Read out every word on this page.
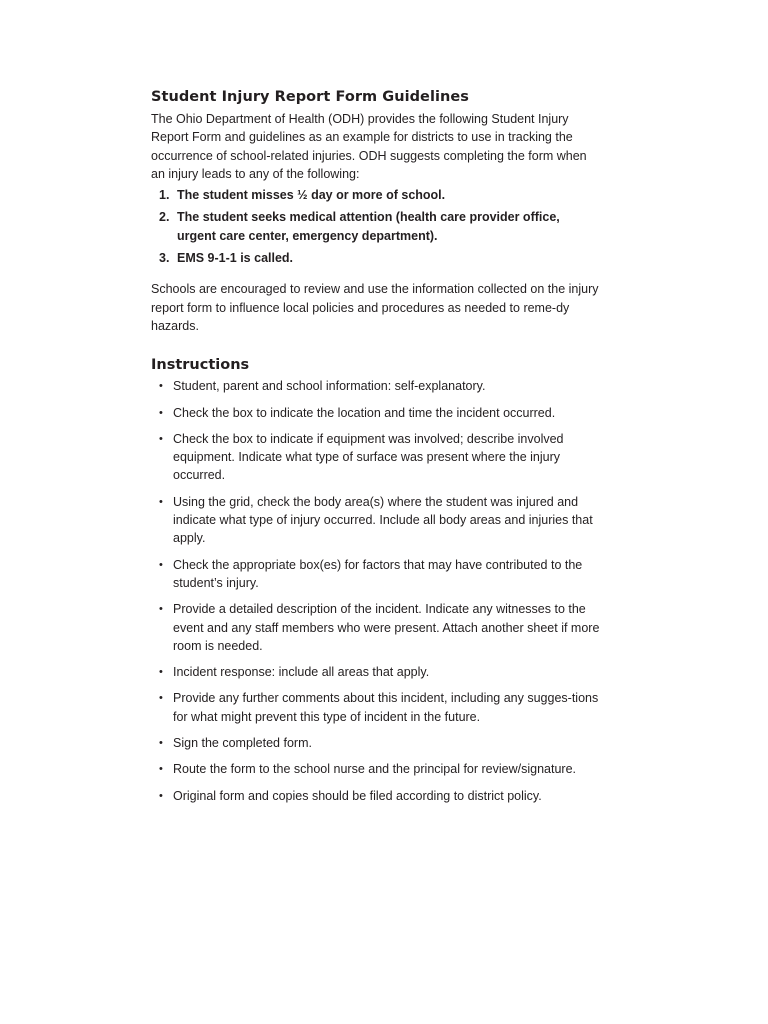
Student Injury Report Form Guidelines

The Ohio Department of Health (ODH) provides the following Student Injury Report Form and guidelines as an example for districts to use in tracking the occurrence of school-related injuries. ODH suggests completing the form when an injury leads to any of the following:

1. The student misses ½ day or more of school.
2. The student seeks medical attention (health care provider office, urgent care center, emergency department).
3. EMS 9-1-1 is called.

Schools are encouraged to review and use the information collected on the injury report form to influence local policies and procedures as needed to reme-dy hazards.

Instructions
• Student, parent and school information: self-explanatory.
• Check the box to indicate the location and time the incident occurred.
• Check the box to indicate if equipment was involved; describe involved equipment. Indicate what type of surface was present where the injury occurred.
• Using the grid, check the body area(s) where the student was injured and indicate what type of injury occurred. Include all body areas and injuries that apply.
• Check the appropriate box(es) for factors that may have contributed to the student’s injury.
• Provide a detailed description of the incident. Indicate any witnesses to the event and any staff members who were present. Attach another sheet if more room is needed.
• Incident response: include all areas that apply.
• Provide any further comments about this incident, including any sugges-tions for what might prevent this type of incident in the future.
• Sign the completed form.
• Route the form to the school nurse and the principal for review/signature.
• Original form and copies should be filed according to district policy.
